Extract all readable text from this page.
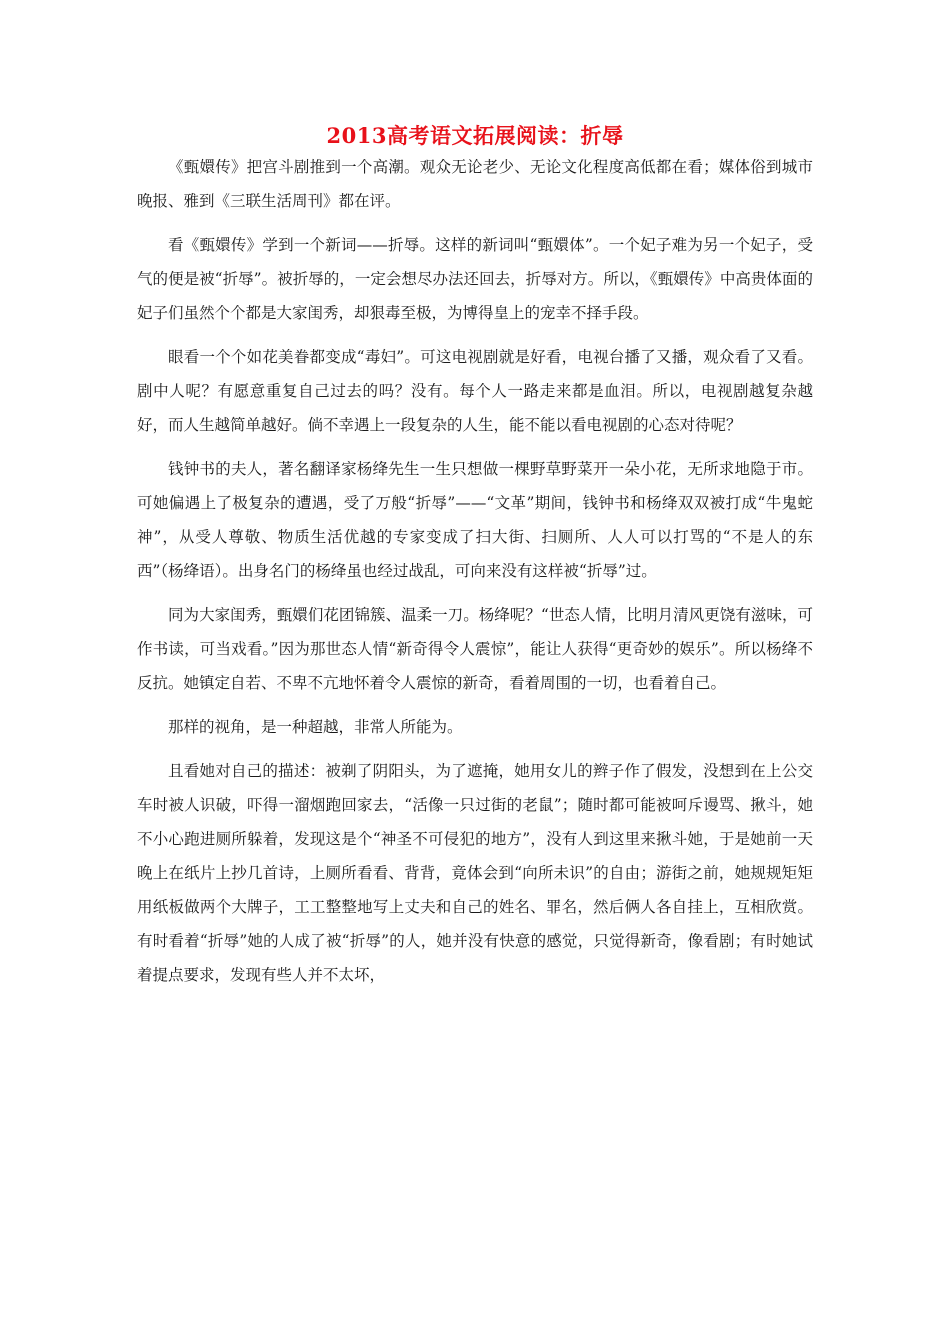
2013高考语文拓展阅读：折辱

《甄嬛传》把宫斗剧推到一个高潮。观众无论老少、无论文化程度高低都在看；媒体俗到城市晚报、雅到《三联生活周刊》都在评。

看《甄嬛传》学到一个新词——折辱。这样的新词叫“甄嬛体”。一个妃子难为另一个妃子，受气的便是被“折辱”。被折辱的，一定会想尽办法还回去，折辱对方。所以，《甄嬛传》中高贵体面的妃子们虽然个个都是大家闺秀，却狠毒至极，为博得皇上的宠幸不择手段。

眼看一个个如花美眷都变成“毒妇”。可这电视剧就是好看，电视台播了又播，观众看了又看。剧中人呢？有愿意重复自己过去的吗？没有。每个人一路走来都是血泪。所以，电视剧越复杂越好，而人生越简单越好。倘不幸遇上一段复杂的人生，能不能以看电视剧的心态对待呢？

钱钟书的夫人，著名翻译家杨绛先生一生只想做一棵野草野菜开一朵小花，无所求地隐于市。可她偏遇上了极复杂的遭遇，受了万般“折辱”——“文革”期间，钱钟书和杨绛双双被打成“牛鬼蛇神”，从受人尊敬、物质生活优越的专家变成了扫大街、扫厕所、人人可以打骂的“不是人的东西”（杨绛语）。出身名门的杨绛虽也经过战乱，可向来没有这样被“折辱”过。

同为大家闺秀，甄嬛们花团锦簇、温柔一刀。杨绛呢？“世态人情，比明月清风更饶有滋味，可作书读，可当戏看。”因为那世态人情“新奇得令人震惊”，能让人获得“更奇妙的娱乐”。所以杨绛不反抗。她镇定自若、不卑不亢地怀着令人震惊的新奇，看着周围的一切，也看着自己。

那样的视角，是一种超越，非常人所能为。

且看她对自己的描述：被剃了阴阳头，为了遮掩，她用女儿的辫子作了假发，没想到在上公交车时被人识破，吓得一溜烟跑回家去，“活像一只过街的老鼠”；随时都可能被呵斥谩骂、揪斗，她不小心跑进厕所躲着，发现这是个“神圣不可侵犯的地方”，没有人到这里来揪斗她，于是她前一天晚上在纸片上抄几首诗，上厕所看看、背背，竟体会到“向所未识”的自由；游街之前，她规规矩矩用纸板做两个大牌子，工工整整地写上丈夫和自己的姓名、罪名，然后俩人各自挂上，互相欣赏。有时看着“折辱”她的人成了被“折辱”的人，她并没有快意的感觉，只觉得新奇，像看剧；有时她试着提点要求，发现有些人并不太坏，
